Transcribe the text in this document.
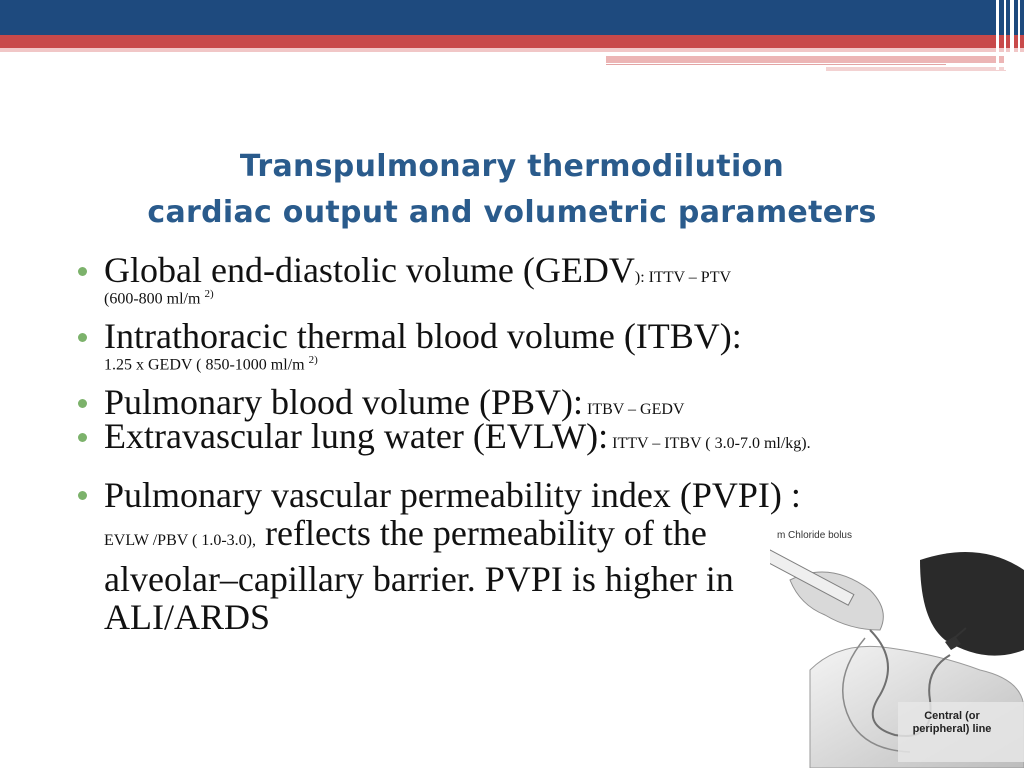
Transpulmonary thermodilution
cardiac output and volumetric parameters
Global end-diastolic volume (GEDV): ITTV – PTV
(600-800 ml/m $^{2)}$
Intrathoracic thermal blood volume (ITBV):
1.25 x GEDV ( 850-1000 ml/m $^{2)}$
Pulmonary blood volume (PBV): ITBV – GEDV
Extravascular lung water (EVLW): ITTV – ITBV ( 3.0-7.0 ml/kg).
Pulmonary vascular permeability index (PVPI) : EVLW /PBV ( 1.0-3.0), reflects the permeability of the alveolar–capillary barrier. PVPI is higher in ALI/ARDS
m Chloride bolus
Central (or peripheral) line
